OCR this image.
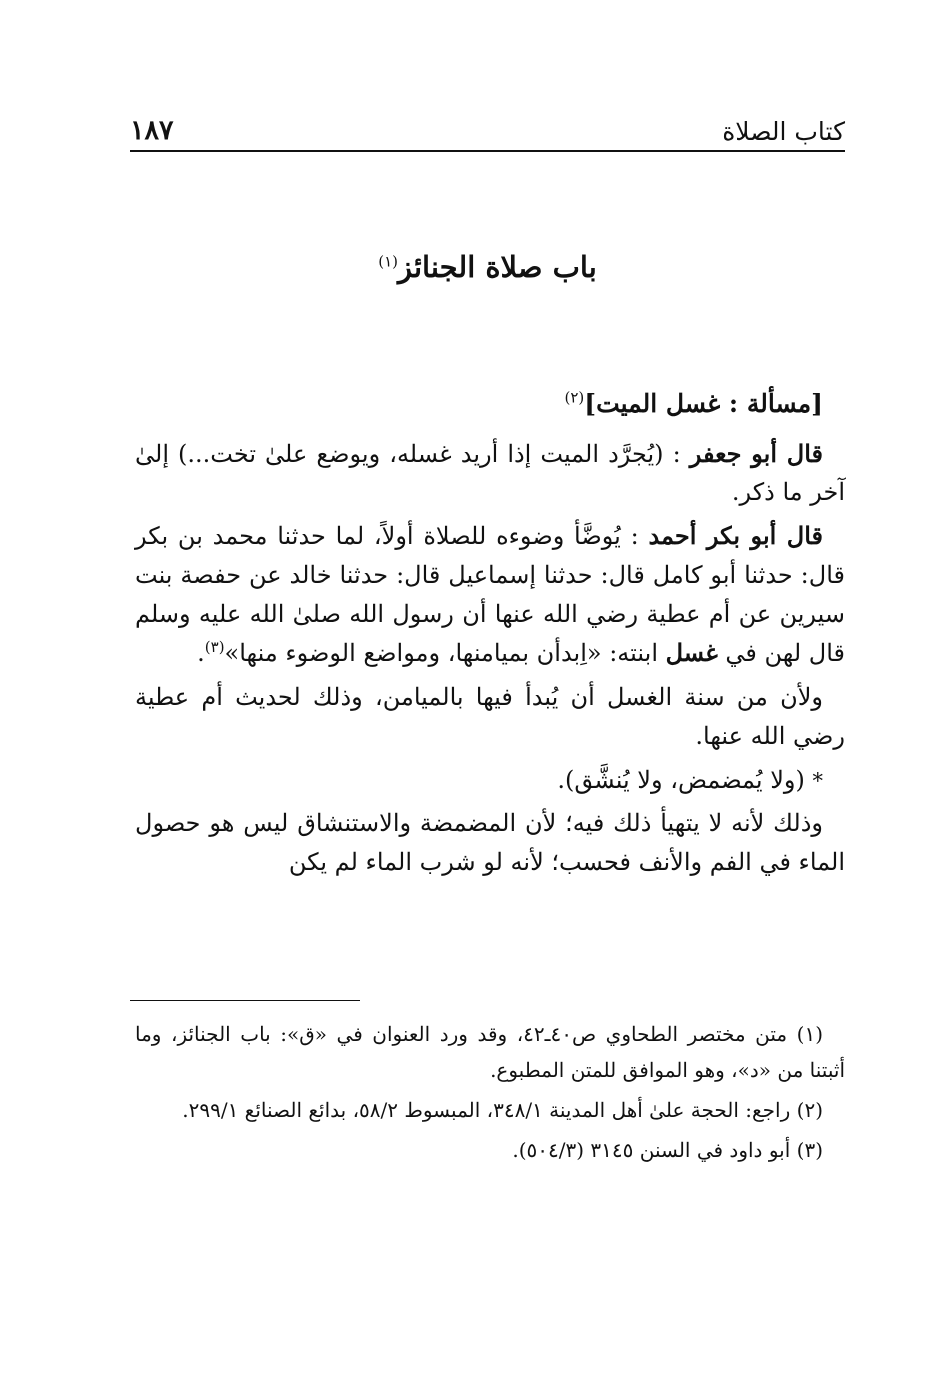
كتاب الصلاة
١٨٧
باب صلاة الجنائز$^{(١)}$

[مسألة : غسل الميت]$^{(٢)}$

قال أبو جعفر : (يُجرَّد الميت إذا أريد غسله، ويوضع علىٰ تخت...) إلىٰ آخر ما ذكر.

قال أبو بكر أحمد : يُوضَّأ وضوءه للصلاة أولاً، لما حدثنا محمد بن بكر قال: حدثنا أبو كامل قال: حدثنا إسماعيل قال: حدثنا خالد عن حفصة بنت سيرين عن أم عطية رضي الله عنها أن رسول الله صلىٰ الله عليه وسلم قال لهن في غسل ابنته: «اِبدأن بميامنها، ومواضع الوضوء منها»$^{(٣)}$.

ولأن من سنة الغسل أن يُبدأ فيها بالميامن، وذلك لحديث أم عطية رضي الله عنها.

* (ولا يُمضمض، ولا يُنشَّق).

وذلك لأنه لا يتهيأ ذلك فيه؛ لأن المضمضة والاستنشاق ليس هو حصول الماء في الفم والأنف فحسب؛ لأنه لو شرب الماء لم يكن

(١) متن مختصر الطحاوي ص٤٠ـ٤٢، وقد ورد العنوان في «ق»: باب الجنائز، وما أثبتنا من «د»، وهو الموافق للمتن المطبوع.

(٢) راجع: الحجة علىٰ أهل المدينة ٣٤٨/١، المبسوط ٥٨/٢، بدائع الصنائع ٢٩٩/١.

(٣) أبو داود في السنن ٣١٤٥ (٥٠٤/٣).
